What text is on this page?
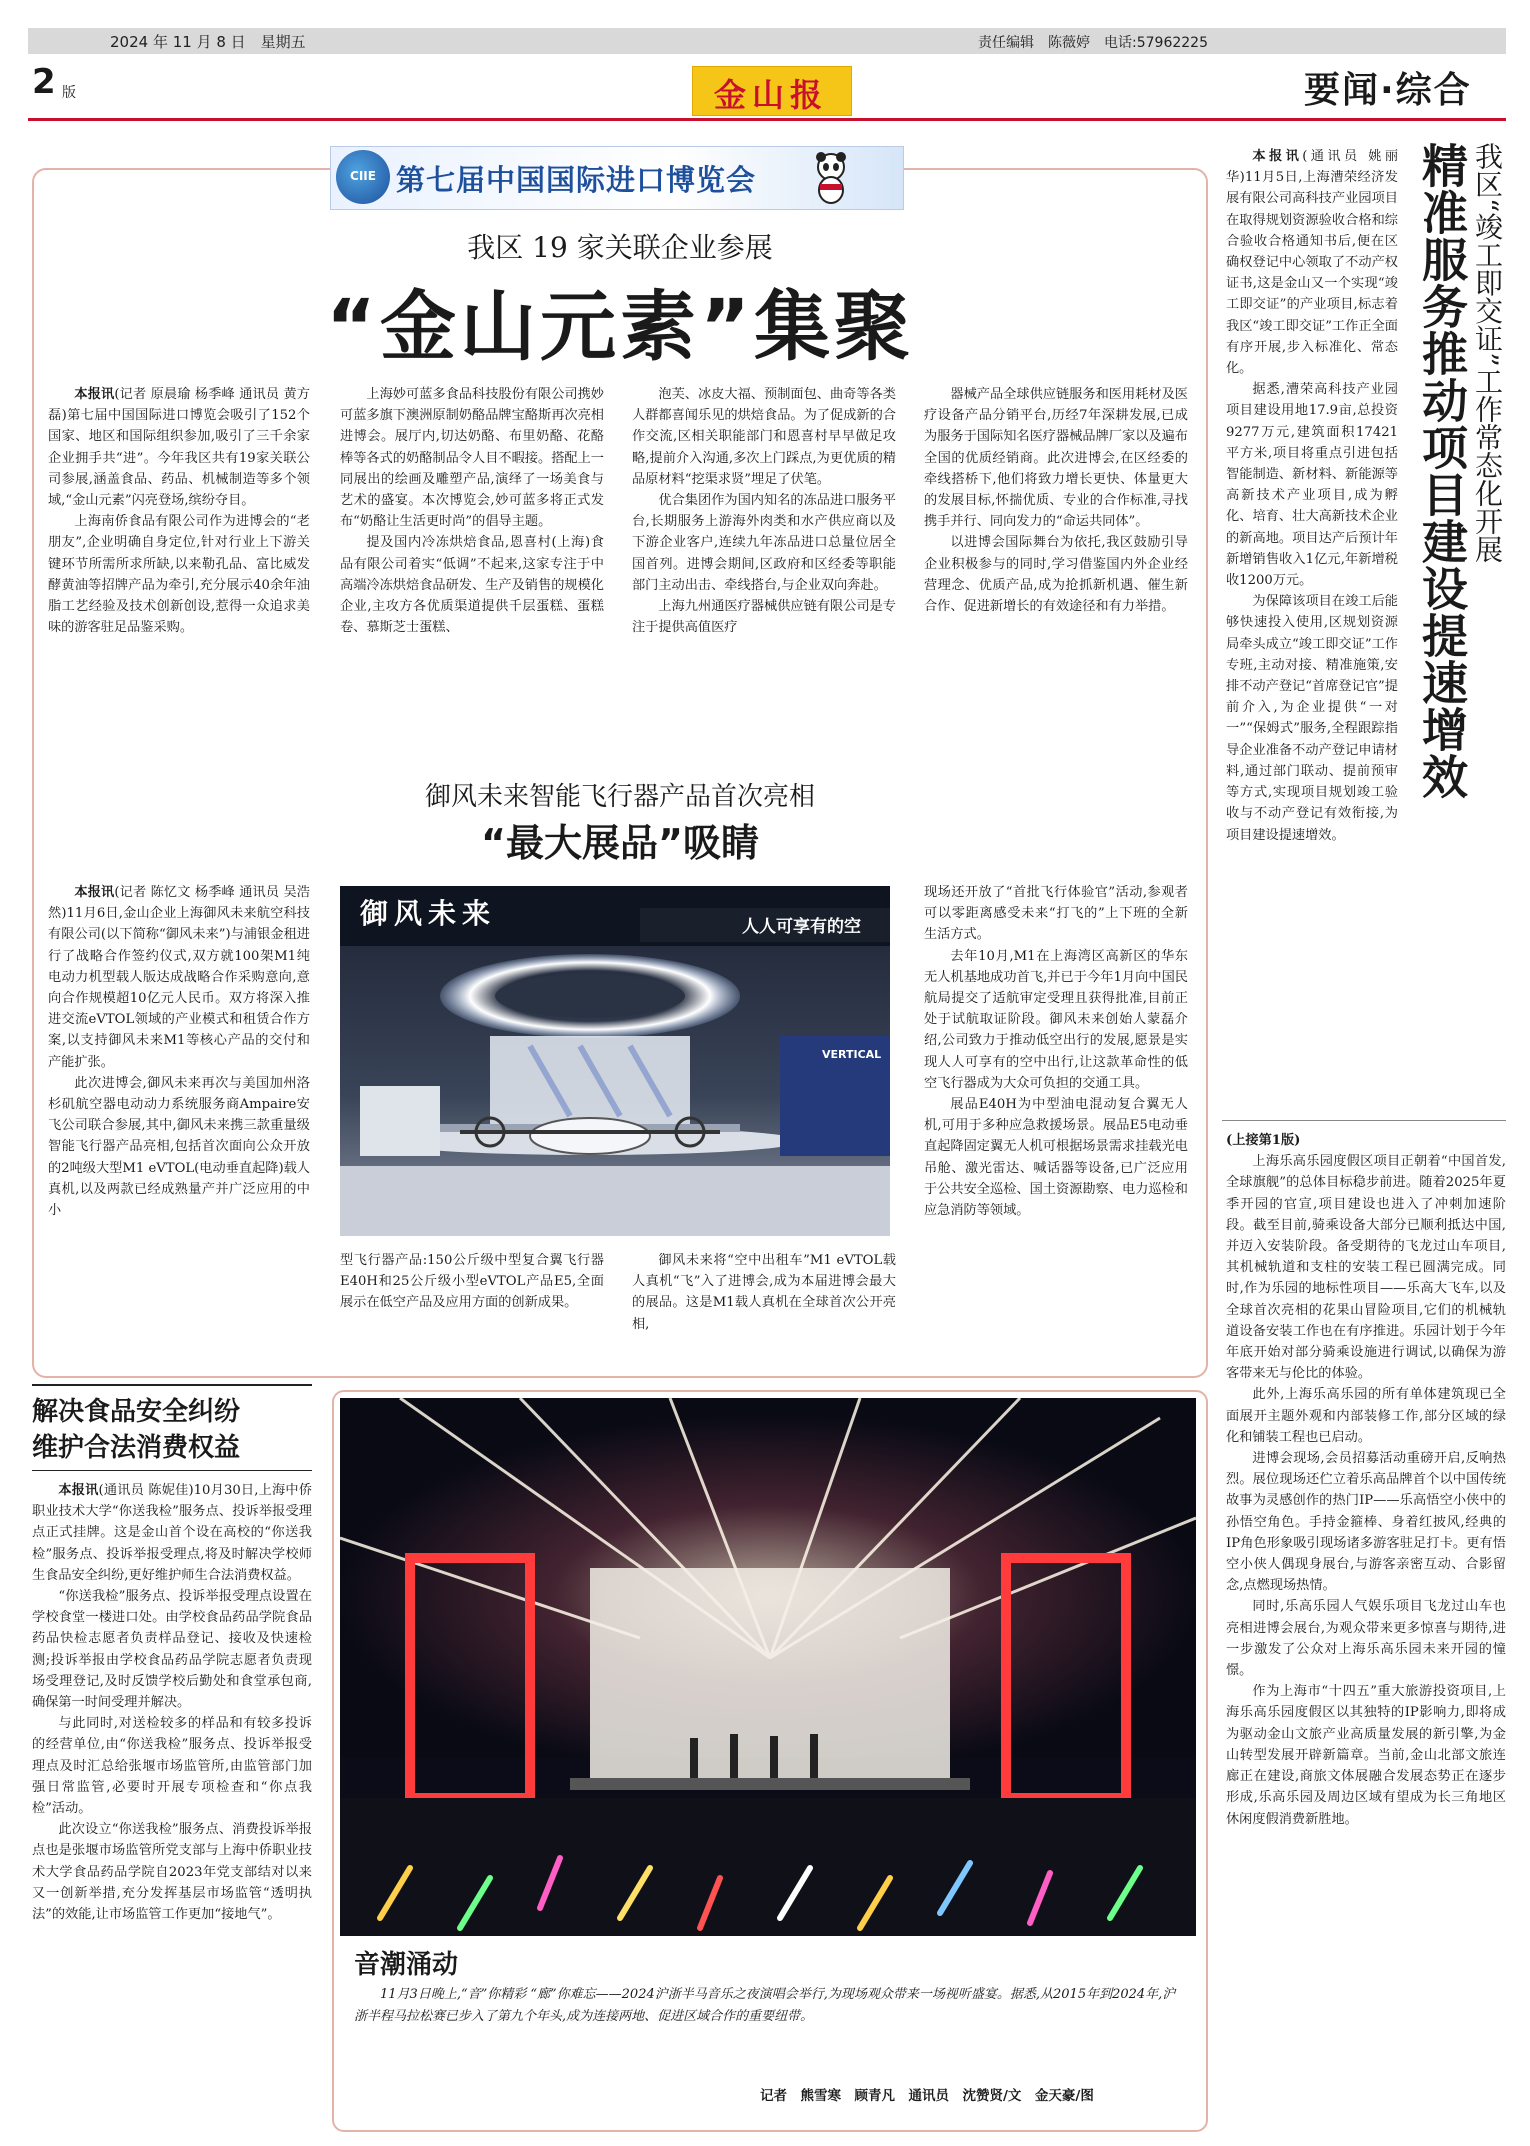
2024 年 11 月 8 日　星期五	责任编辑　陈薇婷　电话:57962225
2 版	金山报	要闻·综合
CIIE 第七届中国国际进口博览会
我区 19 家关联企业参展
“金山元素”集聚

本报讯(记者 原晨瑜 杨季峰 通讯员 黄方磊)第七届中国国际进口博览会吸引了152个国家、地区和国际组织参加,吸引了三千余家企业拥手共“进”。今年我区共有19家关联公司参展,涵盖食品、药品、机械制造等多个领域,“金山元素”闪亮登场,缤纷夺目。

上海南侨食品有限公司作为进博会的“老朋友”,企业明确自身定位,针对行业上下游关键环节所需所求所缺,以来勒孔品、富比威发酵黄油等招牌产品为牵引,充分展示40余年油脂工艺经验及技术创新创设,惹得一众追求美味的游客驻足品鉴采购。

上海妙可蓝多食品科技股份有限公司携妙可蓝多旗下澳洲原制奶酪品牌宝酪斯再次亮相进博会。展厅内,切达奶酪、布里奶酪、花酪棒等各式的奶酪制品令人目不暇接。搭配上一同展出的绘画及雕塑产品,演绎了一场美食与艺术的盛宴。本次博览会,妙可蓝多将正式发布“奶酪让生活更时尚”的倡导主题。

提及国内冷冻烘焙食品,恩喜村(上海)食品有限公司着实“低调”不起来,这家专注于中高端冷冻烘焙食品研发、生产及销售的规模化企业,主攻方各优质渠道提供千层蛋糕、蛋糕卷、慕斯芝士蛋糕、

泡芙、冰皮大福、预制面包、曲奇等各类人群都喜闻乐见的烘焙食品。为了促成新的合作交流,区相关职能部门和恩喜村早早做足攻略,提前介入沟通,多次上门踩点,为更优质的精品原材料“挖渠求贤”埋足了伏笔。

优合集团作为国内知名的冻品进口服务平台,长期服务上游海外肉类和水产供应商以及下游企业客户,连续九年冻品进口总量位居全国首列。进博会期间,区政府和区经委等职能部门主动出击、牵线搭台,与企业双向奔赴。

上海九州通医疗器械供应链有限公司是专注于提供高值医疗

器械产品全球供应链服务和医用耗材及医疗设备产品分销平台,历经7年深耕发展,已成为服务于国际知名医疗器械品牌厂家以及遍布全国的优质经销商。此次进博会,在区经委的牵线搭桥下,他们将致力增长更快、体量更大的发展目标,怀揣优质、专业的合作标准,寻找携手并行、同向发力的“命运共同体”。

以进博会国际舞台为依托,我区鼓励引导企业积极参与的同时,学习借鉴国内外企业经营理念、优质产品,成为抢抓新机遇、催生新合作、促进新增长的有效途径和有力举措。

御风未来智能飞行器产品首次亮相
“最大展品”吸睛

本报讯(记者 陈忆文 杨季峰 通讯员 吴浩然)11月6日,金山企业上海御风未来航空科技有限公司(以下简称“御风未来”)与浦银金租进行了战略合作签约仪式,双方就100架M1纯电动力机型载人版达成战略合作采购意向,意向合作规模超10亿元人民币。双方将深入推进交流eVTOL领域的产业模式和租赁合作方案,以支持御风未来M1等核心产品的交付和产能扩张。

此次进博会,御风未来再次与美国加州洛杉矶航空器电动动力系统服务商Ampaire安飞公司联合参展,其中,御风未来携三款重量级智能飞行器产品亮相,包括首次面向公众开放的2吨级大型M1 eVTOL(电动垂直起降)载人真机,以及两款已经成熟量产并广泛应用的中小

御风未来	人人可享有的空
VERTICAL

型飞行器产品:150公斤级中型复合翼飞行器E40H和25公斤级小型eVTOL产品E5,全面展示在低空产品及应用方面的创新成果。

御风未来将“空中出租车”M1 eVTOL载人真机“飞”入了进博会,成为本届进博会最大的展品。这是M1载人真机在全球首次公开亮相,

现场还开放了“首批飞行体验官”活动,参观者可以零距离感受未来“打飞的”上下班的全新生活方式。

去年10月,M1在上海湾区高新区的华东无人机基地成功首飞,并已于今年1月向中国民航局提交了适航审定受理且获得批准,目前正处于试航取证阶段。御风未来创始人蒙磊介绍,公司致力于推动低空出行的发展,愿景是实现人人可享有的空中出行,让这款革命性的低空飞行器成为大众可负担的交通工具。

展品E40H为中型油电混动复合翼无人机,可用于多种应急救援场景。展品E5电动垂直起降固定翼无人机可根据场景需求挂载光电吊舱、激光雷达、喊话器等设备,已广泛应用于公共安全巡检、国土资源勘察、电力巡检和应急消防等领域。

我区“竣工即交证”工作常态化开展
精准服务推动项目建设提速增效

本报讯(通讯员 姚丽华)11月5日,上海漕荣经济发展有限公司高科技产业园项目在取得规划资源验收合格和综合验收合格通知书后,便在区确权登记中心领取了不动产权证书,这是金山又一个实现“竣工即交证”的产业项目,标志着我区“竣工即交证”工作正全面有序开展,步入标准化、常态化。

据悉,漕荣高科技产业园项目建设用地17.9亩,总投资9277万元,建筑面积17421平方米,项目将重点引进包括智能制造、新材料、新能源等高新技术产业项目,成为孵化、培育、壮大高新技术企业的新高地。项目达产后预计年新增销售收入1亿元,年新增税收1200万元。

为保障该项目在竣工后能够快速投入使用,区规划资源局牵头成立“竣工即交证”工作专班,主动对接、精准施策,安排不动产登记“首席登记官”提前介入,为企业提供“一对一”“保姆式”服务,全程跟踪指导企业准备不动产登记申请材料,通过部门联动、提前预审等方式,实现项目规划竣工验收与不动产登记有效衔接,为项目建设提速增效。

(上接第1版)

上海乐高乐园度假区项目正朝着“中国首发,全球旗舰”的总体目标稳步前进。随着2025年夏季开园的官宣,项目建设也进入了冲刺加速阶段。截至目前,骑乘设备大部分已顺利抵达中国,并迈入安装阶段。备受期待的飞龙过山车项目,其机械轨道和支柱的安装工程已圆满完成。同时,作为乐园的地标性项目——乐高大飞车,以及全球首次亮相的花果山冒险项目,它们的机械轨道设备安装工作也在有序推进。乐园计划于今年年底开始对部分骑乘设施进行调试,以确保为游客带来无与伦比的体验。

此外,上海乐高乐园的所有单体建筑现已全面展开主题外观和内部装修工作,部分区域的绿化和铺装工程也已启动。

进博会现场,会员招募活动重磅开启,反响热烈。展位现场还伫立着乐高品牌首个以中国传统故事为灵感创作的热门IP——乐高悟空小侠中的孙悟空角色。手持金箍棒、身着红披风,经典的IP角色形象吸引现场诸多游客驻足打卡。更有悟空小侠人偶现身展台,与游客亲密互动、合影留念,点燃现场热情。

同时,乐高乐园人气娱乐项目飞龙过山车也亮相进博会展台,为观众带来更多惊喜与期待,进一步激发了公众对上海乐高乐园未来开园的憧憬。

作为上海市“十四五”重大旅游投资项目,上海乐高乐园度假区以其独特的IP影响力,即将成为驱动金山文旅产业高质量发展的新引擎,为金山转型发展开辟新篇章。当前,金山北部文旅连廊正在建设,商旅文体展融合发展态势正在逐步形成,乐高乐园及周边区域有望成为长三角地区休闲度假消费新胜地。

解决食品安全纠纷
维护合法消费权益

本报讯(通讯员 陈妮佳)10月30日,上海中侨职业技术大学“你送我检”服务点、投诉举报受理点正式挂牌。这是金山首个设在高校的“你送我检”服务点、投诉举报受理点,将及时解决学校师生食品安全纠纷,更好维护师生合法消费权益。

“你送我检”服务点、投诉举报受理点设置在学校食堂一楼进口处。由学校食品药品学院食品药品快检志愿者负责样品登记、接收及快速检测;投诉举报由学校食品药品学院志愿者负责现场受理登记,及时反馈学校后勤处和食堂承包商,确保第一时间受理并解决。

与此同时,对送检较多的样品和有较多投诉的经营单位,由“你送我检”服务点、投诉举报受理点及时汇总给张堰市场监管所,由监管部门加强日常监管,必要时开展专项检查和“你点我检”活动。

此次设立“你送我检”服务点、消费投诉举报点也是张堰市场监管所党支部与上海中侨职业技术大学食品药品学院自2023年党支部结对以来又一创新举措,充分发挥基层市场监管“透明执法”的效能,让市场监管工作更加“接地气”。

音潮涌动
11月3日晚上,“音”你精彩 “廊”你难忘——2024沪浙半马音乐之夜演唱会举行,为现场观众带来一场视听盛宴。据悉,从2015年到2024年,沪浙半程马拉松赛已步入了第九个年头,成为连接两地、促进区域合作的重要纽带。
记者　熊雪寒　顾青凡　通讯员　沈赞贤/文　金天豪/图
